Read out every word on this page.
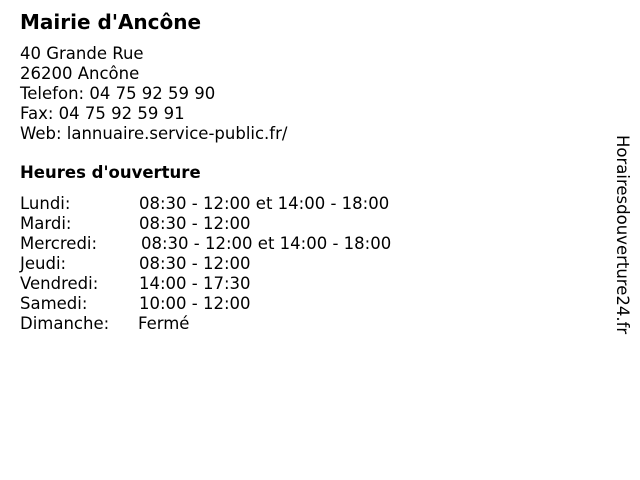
Mairie d'Ancône
40 Grande Rue
26200 Ancône
Telefon: 04 75 92 59 90
Fax: 04 75 92 59 91
Web: lannuaire.service-public.fr/
Heures d'ouverture
Lundi:	08:30 - 12:00 et 14:00 - 18:00
Mardi:	08:30 - 12:00
Mercredi:	08:30 - 12:00 et 14:00 - 18:00
Jeudi:	08:30 - 12:00
Vendredi: 14:00 - 17:30
Samedi:	10:00 - 12:00
Dimanche: Fermé	Horairesdouverture24.fr
